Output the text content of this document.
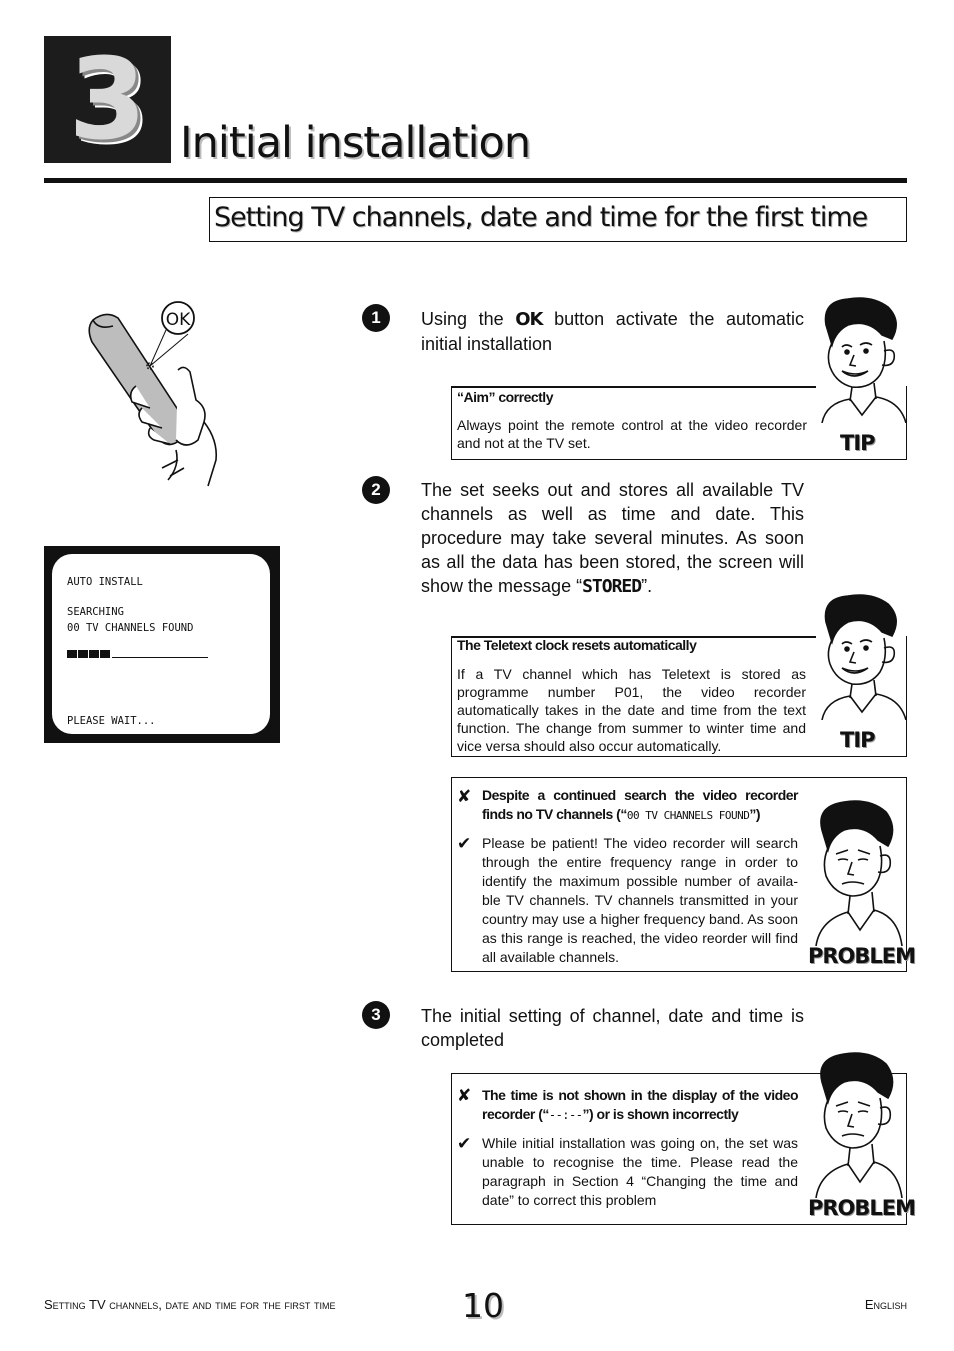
3 Initial installation
Setting TV channels, date and time for the first time
OK
AUTO INSTALL
SEARCHING
00 TV CHANNELS FOUND
PLEASE WAIT...
1	Using the OK button activate the automatic initial installation
“Aim” correctly
Always point the remote control at the video recorder and not at the TV set.
2	The set seeks out and stores all available TV channels as well as time and date. This procedure may take several minutes. As soon as all the data has been stored, the screen will show the message “STORED”.
The Teletext clock resets automatically
If a TV channel which has Teletext is stored as programme number P01, the video recorder automatically takes in the date and time from the text function. The change from summer to winter time and vice versa should also occur automatically.
✘ Despite a continued search the video recorder finds no TV channels (“00 TV CHANNELS FOUND”)
✔ Please be patient! The video recorder will search through the entire frequency range in order to identify the maximum possible number of availa-ble TV channels. TV channels transmitted in your country may use a higher frequency band. As soon as this range is reached, the video reorder will find all available channels.
3	The initial setting of channel, date and time is completed
✘ The time is not shown in the display of the video recorder (“--:--”) or is shown incorrectly
✔ While initial installation was going on, the set was unable to recognise the time. Please read the paragraph in Section 4 “Changing the time and date” to correct this problem
TIP
TIP
PROBLEM
PROBLEM
Setting TV channels, date and time for the first time	10	English
